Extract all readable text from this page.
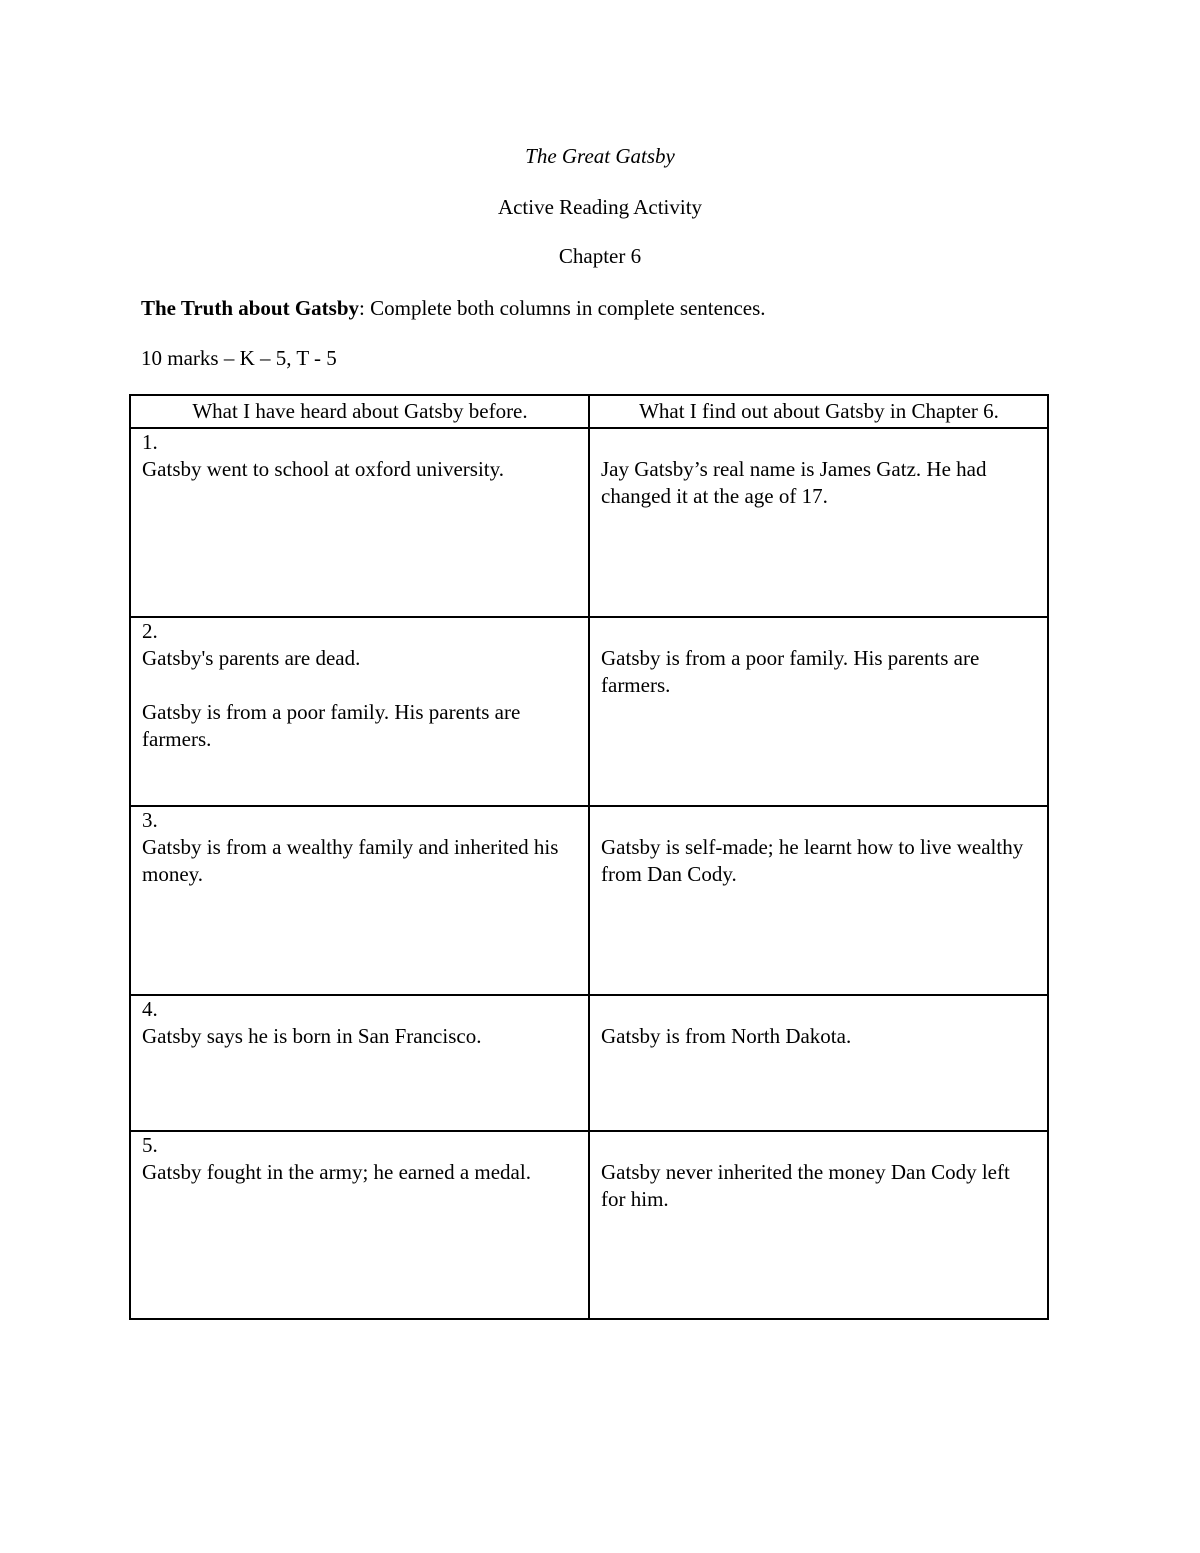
The Great Gatsby
Active Reading Activity
Chapter 6
The Truth about Gatsby: Complete both columns in complete sentences.
10 marks – K – 5, T - 5
What I have heard about Gatsby before.	What I find out about Gatsby in Chapter 6.

1.
Gatsby went to school at oxford university.	Jay Gatsby’s real name is James Gatz. He had changed it at the age of 17.

2.
Gatsby's parents are dead.
Gatsby is from a poor family. His parents are farmers.	Gatsby is from a poor family. His parents are farmers.

3.
Gatsby is from a wealthy family and inherited his money.	Gatsby is self-made; he learnt how to live wealthy from Dan Cody.

4.
Gatsby says he is born in San Francisco.	Gatsby is from North Dakota.

5.
Gatsby fought in the army; he earned a medal.	Gatsby never inherited the money Dan Cody left for him.
